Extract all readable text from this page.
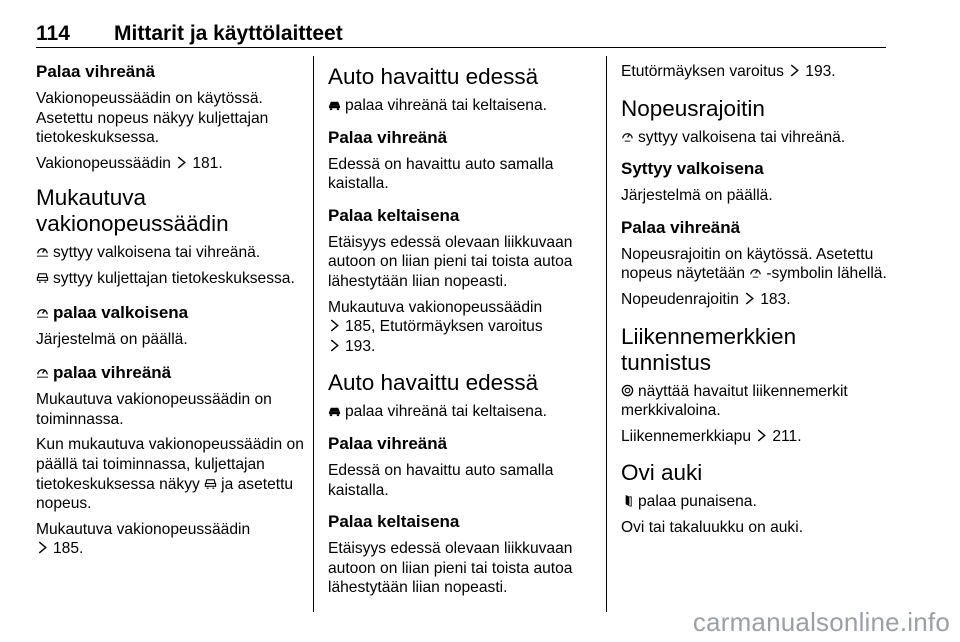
114 Mittarit ja käyttölaitteet
Palaa vihreänä

Vakionopeussäädin on käytössä. Asetettu nopeus näkyy kuljettajan tietokeskuksessa.

Vakionopeussäädin 181.

Mukautuva vakionopeussäädin

syttyy valkoisena tai vihreänä.

syttyy kuljettajan tietokeskuksessa.

palaa valkoisena

Järjestelmä on päällä.

palaa vihreänä

Mukautuva vakionopeussäädin on toiminnassa.

Kun mukautuva vakionopeussäädin on päällä tai toiminnassa, kuljettajan tietokeskuksessa näkyy ja asetettu nopeus.

Mukautuva vakionopeussäädin
185.

Auto havaittu edessä

palaa vihreänä tai keltaisena.

Palaa vihreänä

Edessä on havaittu auto samalla kaistalla.

Palaa keltaisena

Etäisyys edessä olevaan liikkuvaan autoon on liian pieni tai toista autoa lähestytään liian nopeasti.

Mukautuva vakionopeussäädin
185, Etutörmäyksen varoitus
193.

Auto havaittu edessä

palaa vihreänä tai keltaisena.

Palaa vihreänä

Edessä on havaittu auto samalla kaistalla.

Palaa keltaisena

Etäisyys edessä olevaan liikkuvaan autoon on liian pieni tai toista autoa lähestytään liian nopeasti.

Etutörmäyksen varoitus 193.

Nopeusrajoitin

syttyy valkoisena tai vihreänä.

Syttyy valkoisena

Järjestelmä on päällä.

Palaa vihreänä

Nopeusrajoitin on käytössä. Asetettu nopeus näytetään -symbolin lähellä.

Nopeudenrajoitin 183.

Liikennemerkkien tunnistus

näyttää havaitut liikennemerkit merkkivaloina.

Liikennemerkkiapu 211.

Ovi auki

palaa punaisena.

Ovi tai takaluukku on auki.

carmanualsonline.info
